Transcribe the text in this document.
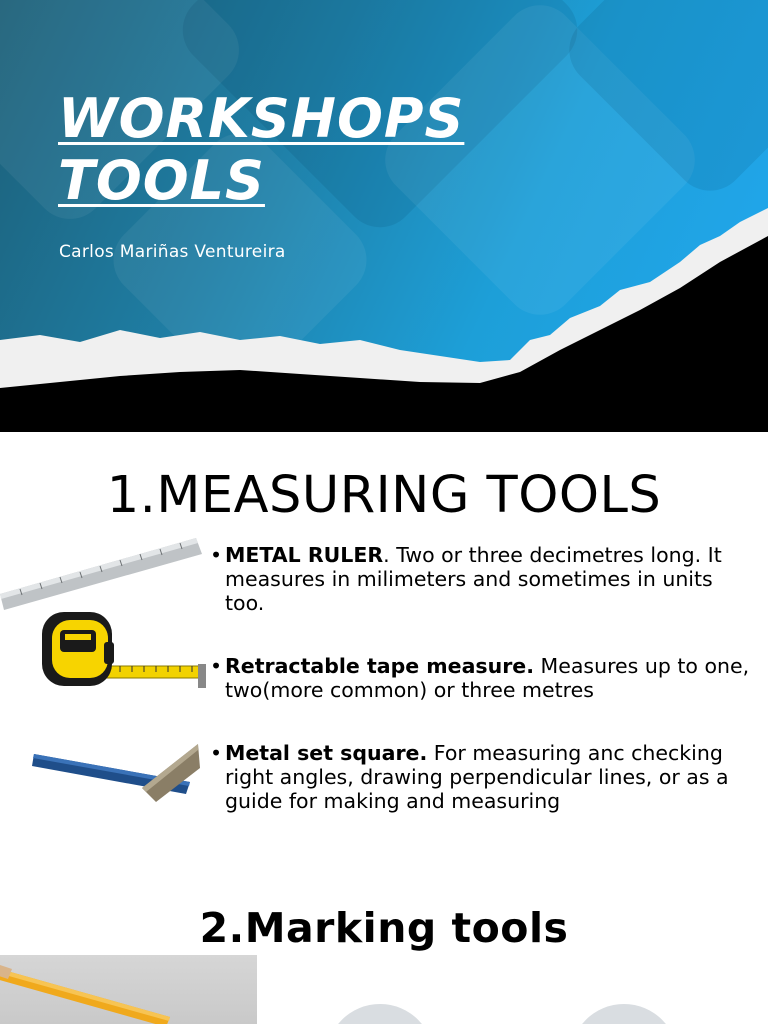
WORKSHOPS
TOOLS
Carlos Mariñas Ventureira
1.MEASURING TOOLS
• METAL RULER. Two or three decimetres long. It measures in milimeters and sometimes in units too.
• Retractable tape measure. Measures up to one, two(more common) or three metres
• Metal set square. For measuring anc checking right angles, drawing perpendicular lines, or as a guide for making and measuring
2.Marking tools
